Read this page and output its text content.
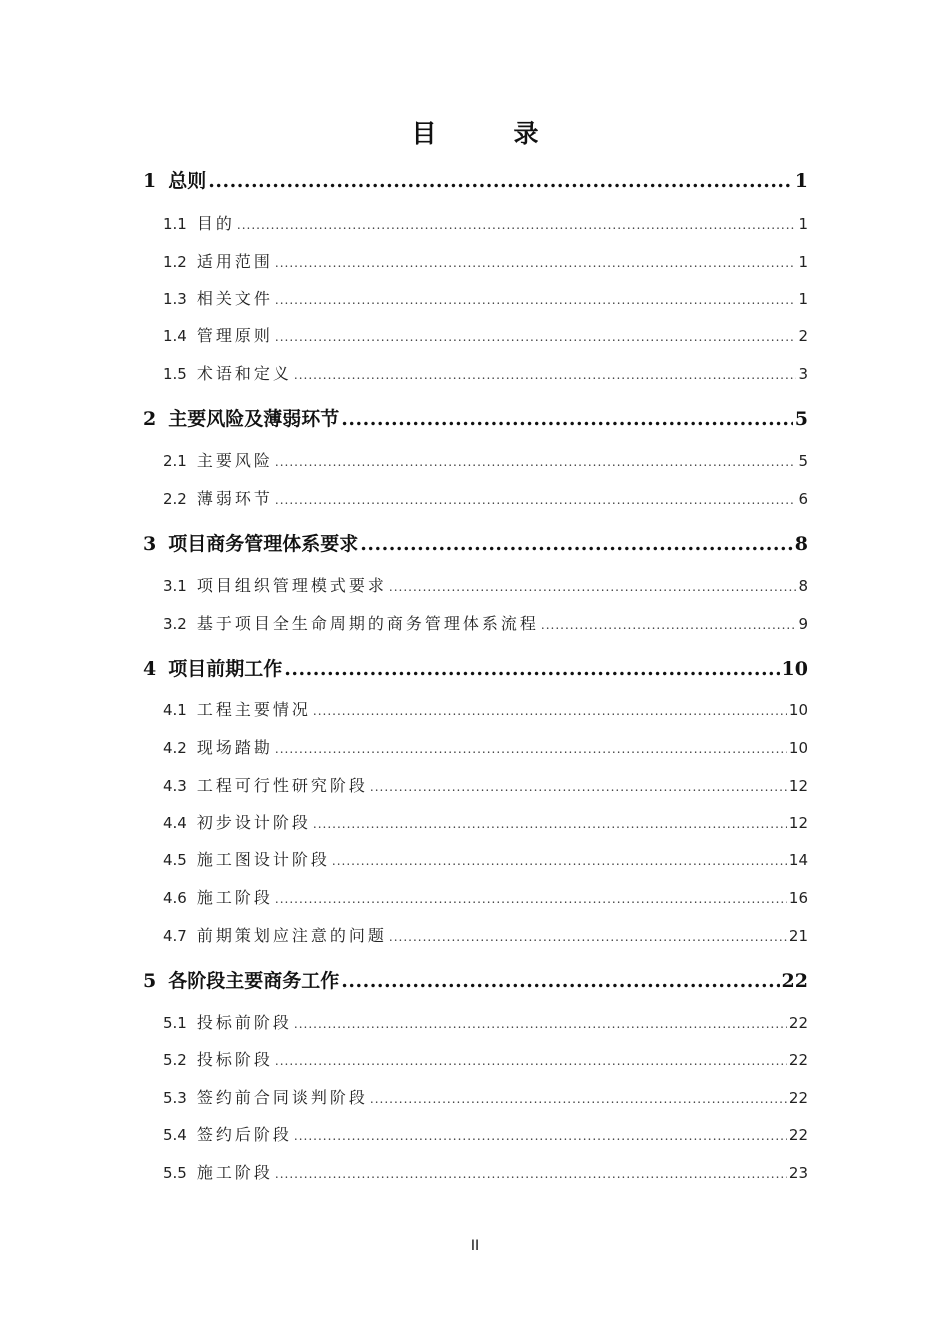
目　录
1 总则 .....	1
1.1 目的 .....	1
1.2 适用范围 .....	1
1.3 相关文件 .....	1
1.4 管理原则 .....	2
1.5 术语和定义 .....	3
2 主要风险及薄弱环节 .....	5
2.1 主要风险 .....	5
2.2 薄弱环节 .....	6
3 项目商务管理体系要求 .....	8
3.1 项目组织管理模式要求 .....	8
3.2 基于项目全生命周期的商务管理体系流程 .....	9
4 项目前期工作 .....	10
4.1 工程主要情况 .....	10
4.2 现场踏勘 .....	10
4.3 工程可行性研究阶段 .....	12
4.4 初步设计阶段 .....	12
4.5 施工图设计阶段 .....	14
4.6 施工阶段 .....	16
4.7 前期策划应注意的问题 .....	21
5 各阶段主要商务工作 .....	22
5.1 投标前阶段 .....	22
5.2 投标阶段 .....	22
5.3 签约前合同谈判阶段 .....	22
5.4 签约后阶段 .....	22
5.5 施工阶段 .....	23
II
